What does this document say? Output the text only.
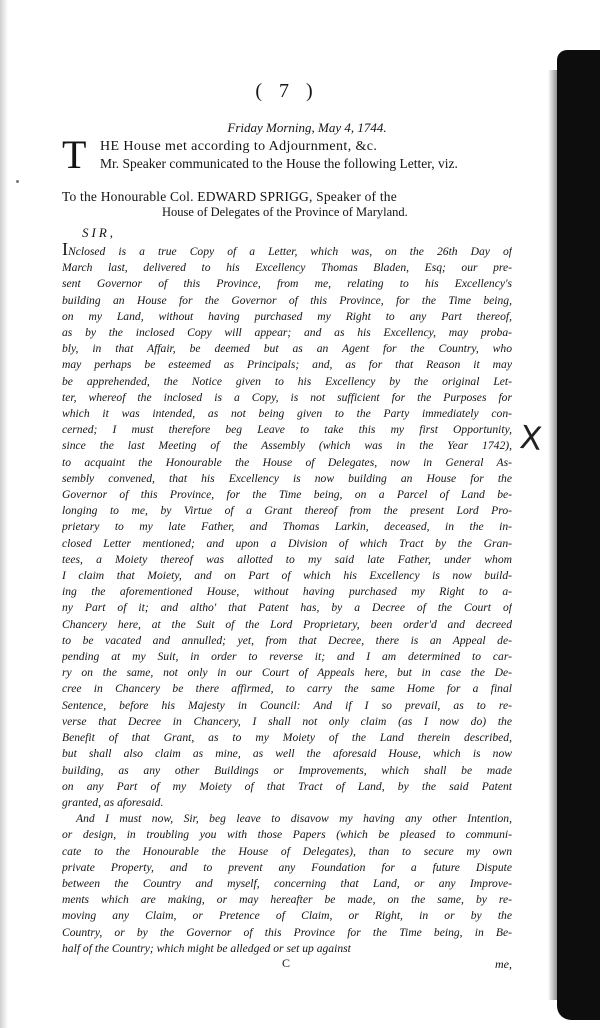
( 7 )
Friday Morning, May 4, 1744.
T HE House met according to Adjournment, &c.
Mr. Speaker communicated to the House the following Letter, viz.
To the Honourable Col. EDWARD SPRIGG, Speaker of the
House of Delegates of the Province of Maryland.
SIR,
INclosed is a true Copy of a Letter, which was, on the 26th Day of
March last, delivered to his Excellency Thomas Bladen, Esq; our pre-
sent Governor of this Province, from me, relating to his Excellency's
building an House for the Governor of this Province, for the Time being,
on my Land, without having purchased my Right to any Part thereof,
as by the inclosed Copy will appear; and as his Excellency, may proba-
bly, in that Affair, be deemed but as an Agent for the Country, who
may perhaps be esteemed as Principals; and, as for that Reason it may
be apprehended, the Notice given to his Excellency by the original Let-
ter, whereof the inclosed is a Copy, is not sufficient for the Purposes for
which it was intended, as not being given to the Party immediately con-
cerned; I must therefore beg Leave to take this my first Opportunity,
since the last Meeting of the Assembly (which was in the Year 1742),
to acquaint the Honourable the House of Delegates, now in General As-
sembly convened, that his Excellency is now building an House for the
Governor of this Province, for the Time being, on a Parcel of Land be-
longing to me, by Virtue of a Grant thereof from the present Lord Pro-
prietary to my late Father, and Thomas Larkin, deceased, in the in-
closed Letter mentioned; and upon a Division of which Tract by the Gran-
tees, a Moiety thereof was allotted to my said late Father, under whom
I claim that Moiety, and on Part of which his Excellency is now build-
ing the aforementioned House, without having purchased my Right to a-
ny Part of it; and altho' that Patent has, by a Decree of the Court of
Chancery here, at the Suit of the Lord Proprietary, been order'd and decreed
to be vacated and annulled; yet, from that Decree, there is an Appeal de-
pending at my Suit, in order to reverse it; and I am determined to car-
ry on the same, not only in our Court of Appeals here, but in case the De-
cree in Chancery be there affirmed, to carry the same Home for a final
Sentence, before his Majesty in Council: And if I so prevail, as to re-
verse that Decree in Chancery, I shall not only claim (as I now do) the
Benefit of that Grant, as to my Moiety of the Land therein described,
but shall also claim as mine, as well the aforesaid House, which is now
building, as any other Buildings or Improvements, which shall be made
on any Part of my Moiety of that Tract of Land, by the said Patent
granted, as aforesaid.
And I must now, Sir, beg leave to disavow my having any other Intention,
or design, in troubling you with those Papers (which be pleased to communi-
cate to the Honourable the House of Delegates), than to secure my own
private Property, and to prevent any Foundation for a future Dispute
between the Country and myself, concerning that Land, or any Improve-
ments which are making, or may hereafter be made, on the same, by re-
moving any Claim, or Pretence of Claim, or Right, in or by the
Country, or by the Governor of this Province for the Time being, in Be-
half of the Country; which might be alledged or set up against
C	me,
X
